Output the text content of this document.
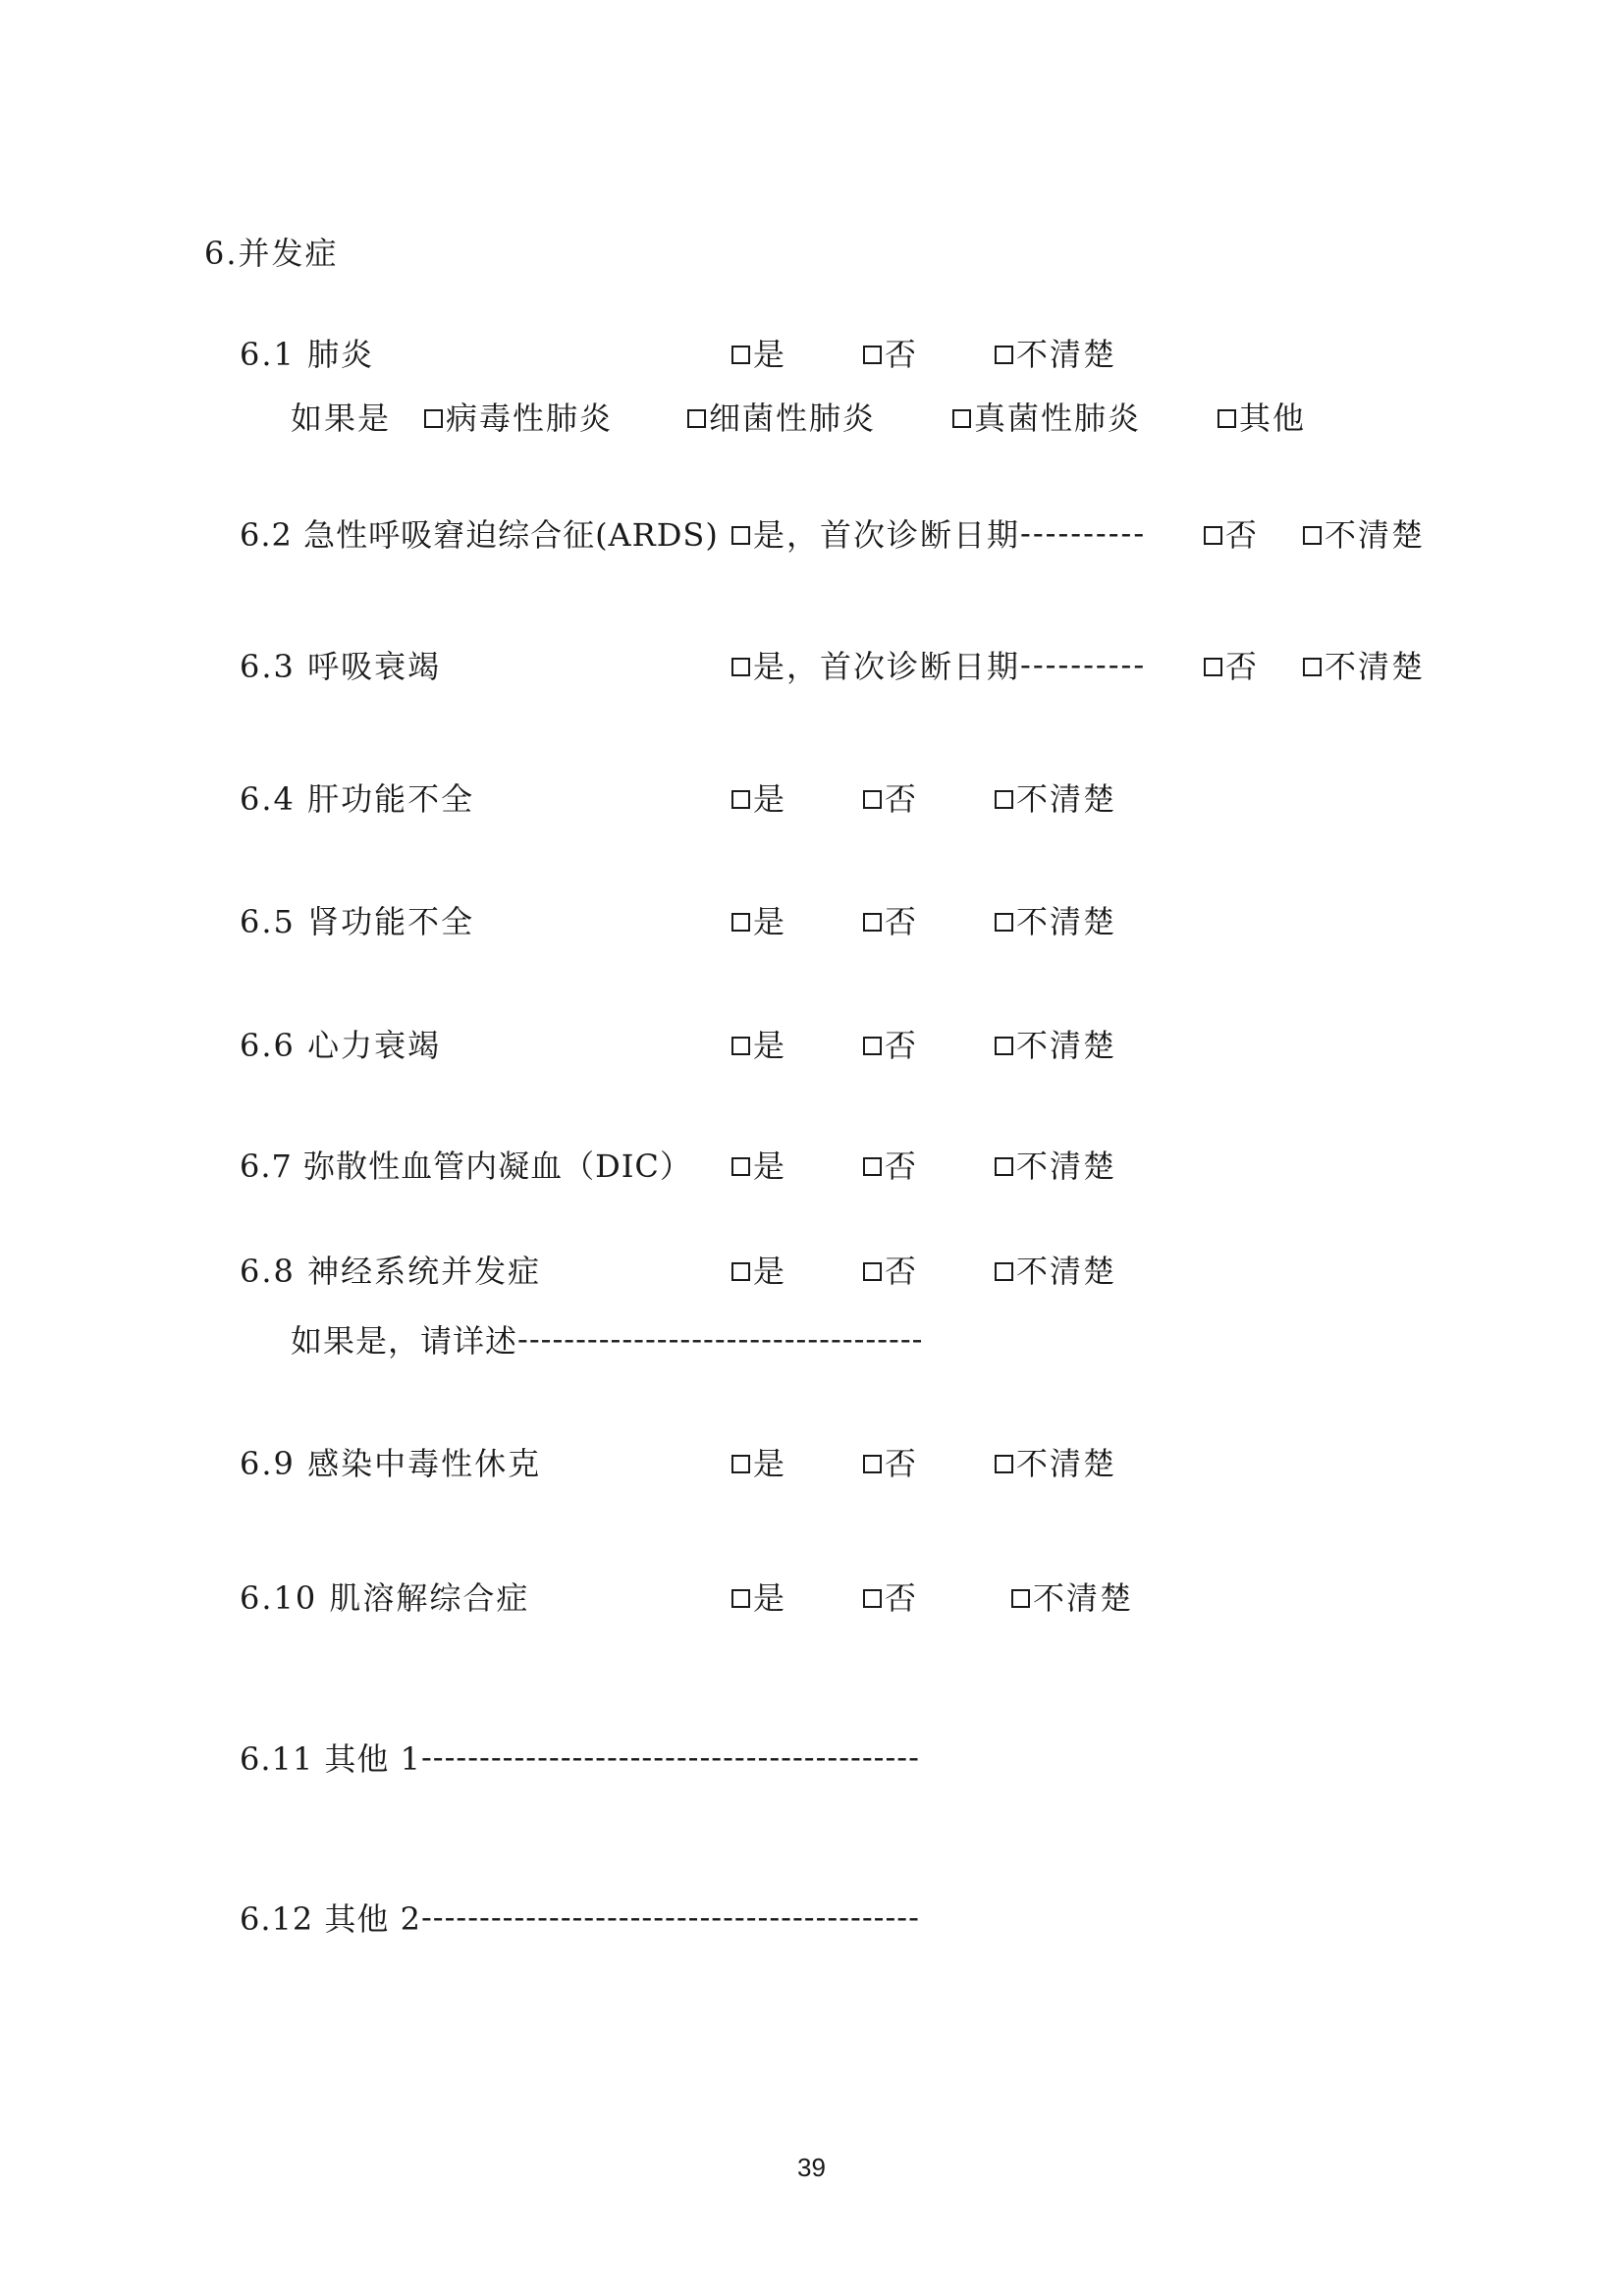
6.并发症
6.1 肺炎	是	否	不清楚
如果是 病毒性肺炎	细菌性肺炎	真菌性肺炎	其他
6.2 急性呼吸窘迫综合征(ARDS) 是，首次诊断日期 ----------	否 不清楚
6.3 呼吸衰竭	是，首次诊断日期 ----------	否 不清楚
6.4 肝功能不全	是	否	不清楚
6.5 肾功能不全	是	否	不清楚
6.6 心力衰竭	是	否	不清楚
6.7 弥散性血管内凝血（DIC） 是	否	不清楚
6.8 神经系统并发症	是	否	不清楚
如果是，请详述-----------------------------------
6.9 感染中毒性休克	是	否	不清楚
6.10 肌溶解综合症	是	否	不清楚
6.11 其他 1-------------------------------------------
6.12 其他 2-------------------------------------------
39
